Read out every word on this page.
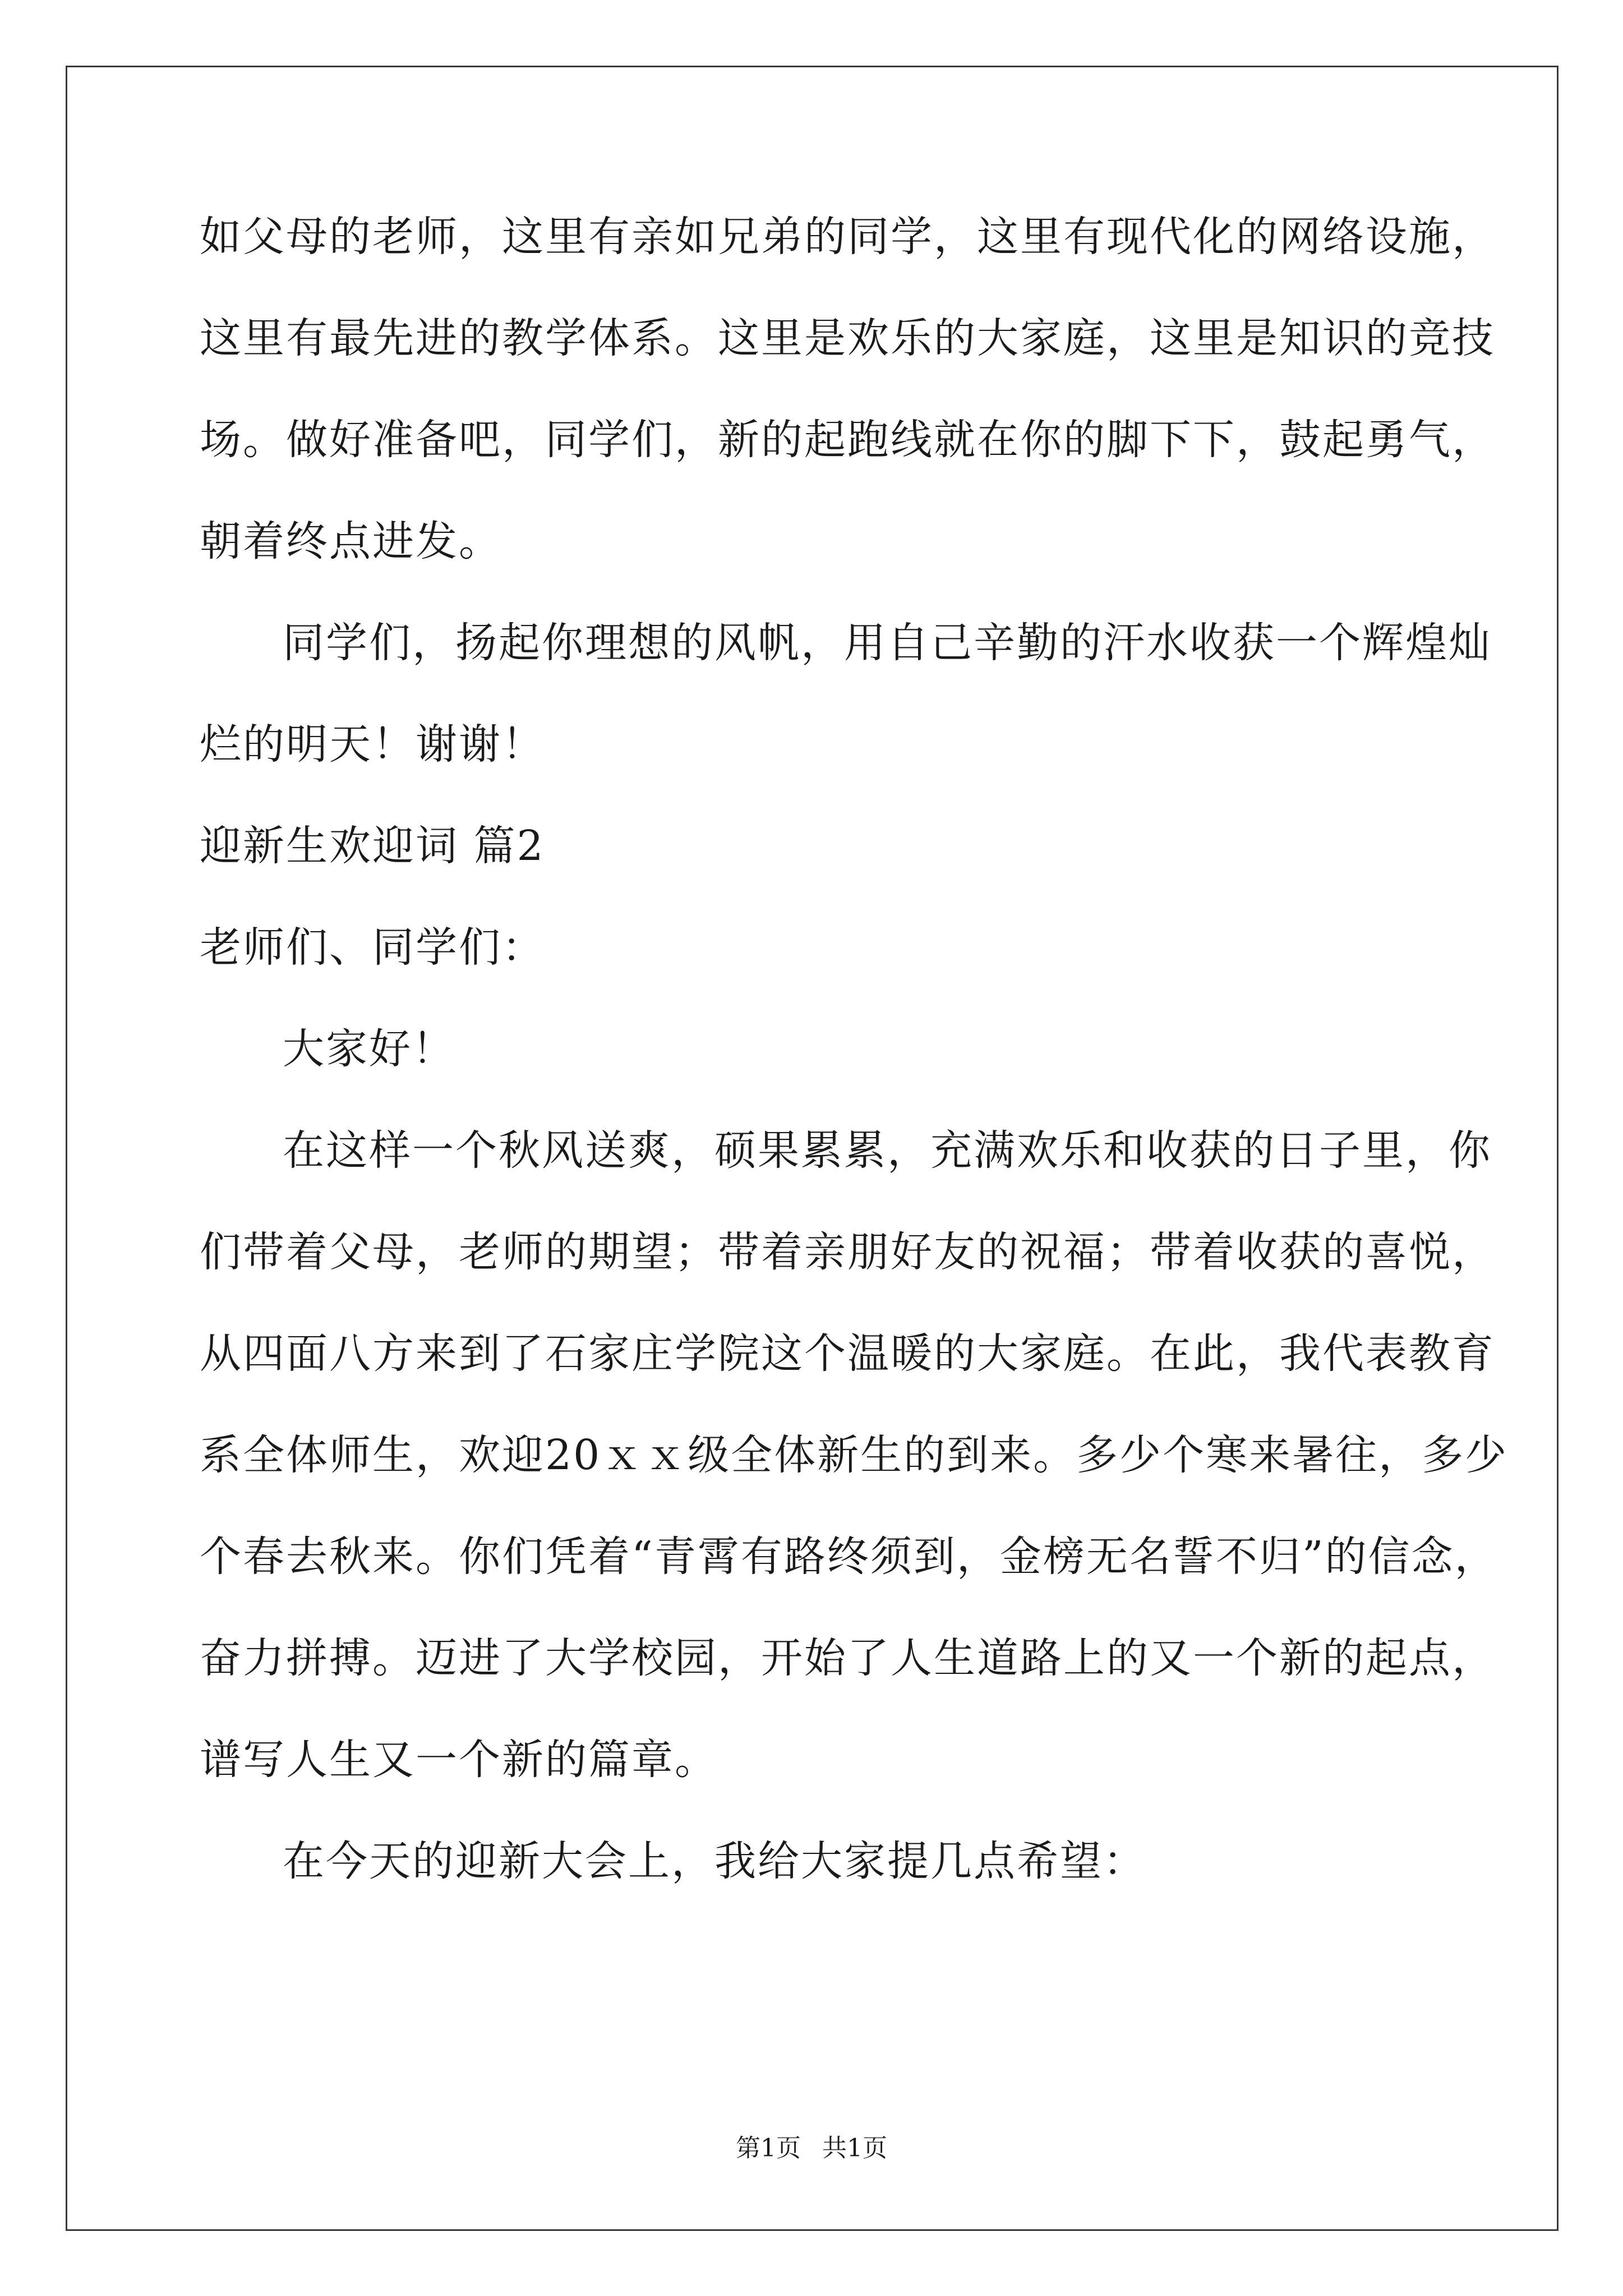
如父母的老师，这里有亲如兄弟的同学，这里有现代化的网络设施，
这里有最先进的教学体系。这里是欢乐的大家庭，这里是知识的竞技
场。做好准备吧，同学们，新的起跑线就在你的脚下下，鼓起勇气，
朝着终点进发。
同学们，扬起你理想的风帆，用自己辛勤的汗水收获一个辉煌灿
烂的明天！谢谢！
迎新生欢迎词 篇2
老师们、同学们：
大家好！
在这样一个秋风送爽，硕果累累，充满欢乐和收获的日子里，你
们带着父母，老师的期望；带着亲朋好友的祝福；带着收获的喜悦，
从四面八方来到了石家庄学院这个温暖的大家庭。在此，我代表教育
系全体师生，欢迎20ｘｘ级全体新生的到来。多少个寒来暑往，多少
个春去秋来。你们凭着“青霄有路终须到，金榜无名誓不归”的信念，
奋力拼搏。迈进了大学校园，开始了人生道路上的又一个新的起点，
谱写人生又一个新的篇章。
在今天的迎新大会上，我给大家提几点希望：
第1页 共1页
